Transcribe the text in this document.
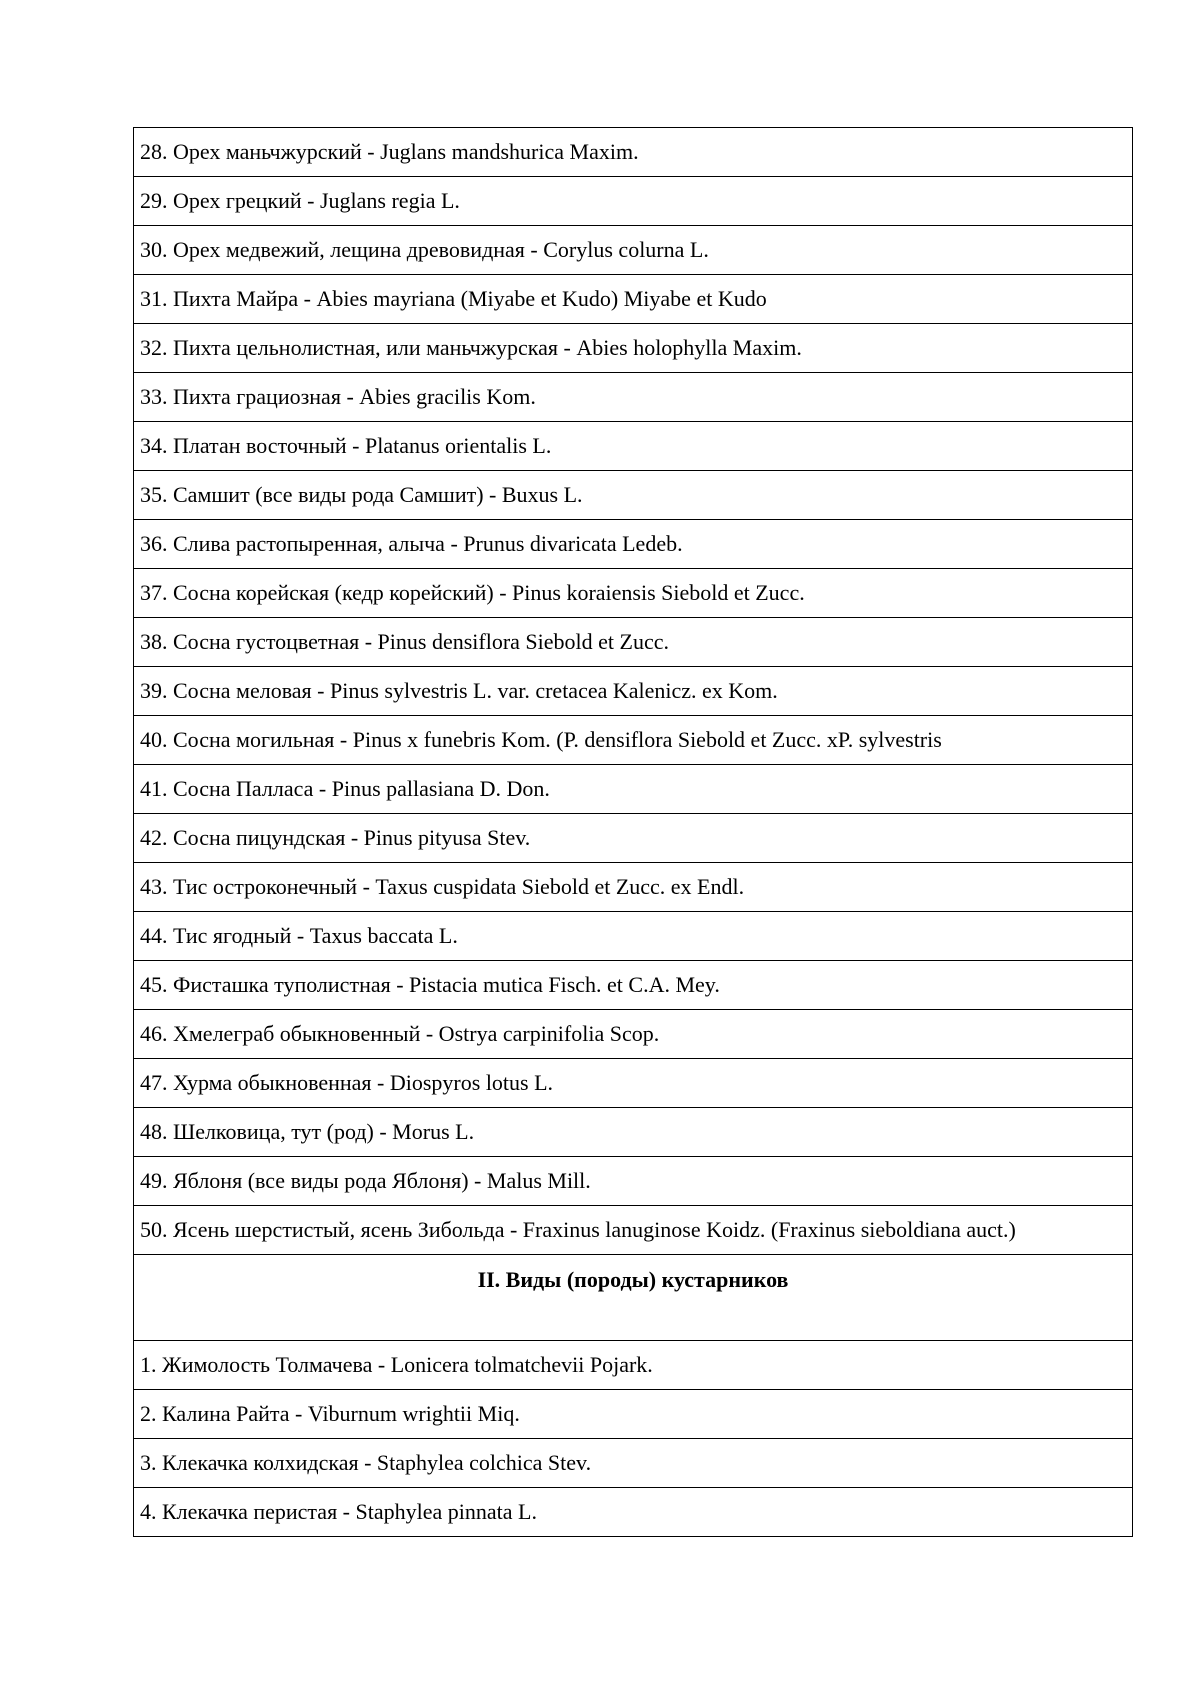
28. Орех маньчжурский - Juglans mandshurica Maxim.
29. Орех грецкий - Juglans regia L.
30. Орех медвежий, лещина древовидная - Corylus colurna L.
31. Пихта Майра - Abies mayriana (Miyabe et Kudo) Miyabe et Kudo
32. Пихта цельнолистная, или маньчжурская - Abies holophylla Maxim.
33. Пихта грациозная - Abies gracilis Kom.
34. Платан восточный - Platanus orientalis L.
35. Самшит (все виды рода Самшит) - Buxus L.
36. Слива растопыренная, алыча - Prunus divaricata Ledeb.
37. Сосна корейская (кедр корейский) - Pinus koraiensis Siebold et Zucc.
38. Сосна густоцветная - Pinus densiflora Siebold et Zucc.
39. Сосна меловая - Pinus sylvestris L. var. cretacea Kalenicz. ex Kom.
40. Сосна могильная - Pinus x funebris Kom. (P. densiflora Siebold et Zucc. xP. sylvestris
41. Сосна Палласа - Pinus pallasiana D. Don.
42. Сосна пицундская - Pinus pityusa Stev.
43. Тис остроконечный - Taxus cuspidata Siebold et Zucc. ex Endl.
44. Тис ягодный - Taxus baccata L.
45. Фисташка туполистная - Pistacia mutica Fisch. et C.A. Mey.
46. Хмелеграб обыкновенный - Ostrya carpinifolia Scop.
47. Хурма обыкновенная - Diospyros lotus L.
48. Шелковица, тут (род) - Morus L.
49. Яблоня (все виды рода Яблоня) - Malus Mill.
50. Ясень шерстистый, ясень Зибольда - Fraxinus lanuginose Koidz. (Fraxinus sieboldiana auct.)
II. Виды (породы) кустарников
1. Жимолость Толмачева - Lonicera tolmatchevii Pojark.
2. Калина Райта - Viburnum wrightii Miq.
3. Клекачка колхидская - Staphylea colchica Stev.
4. Клекачка перистая - Staphylea pinnata L.
